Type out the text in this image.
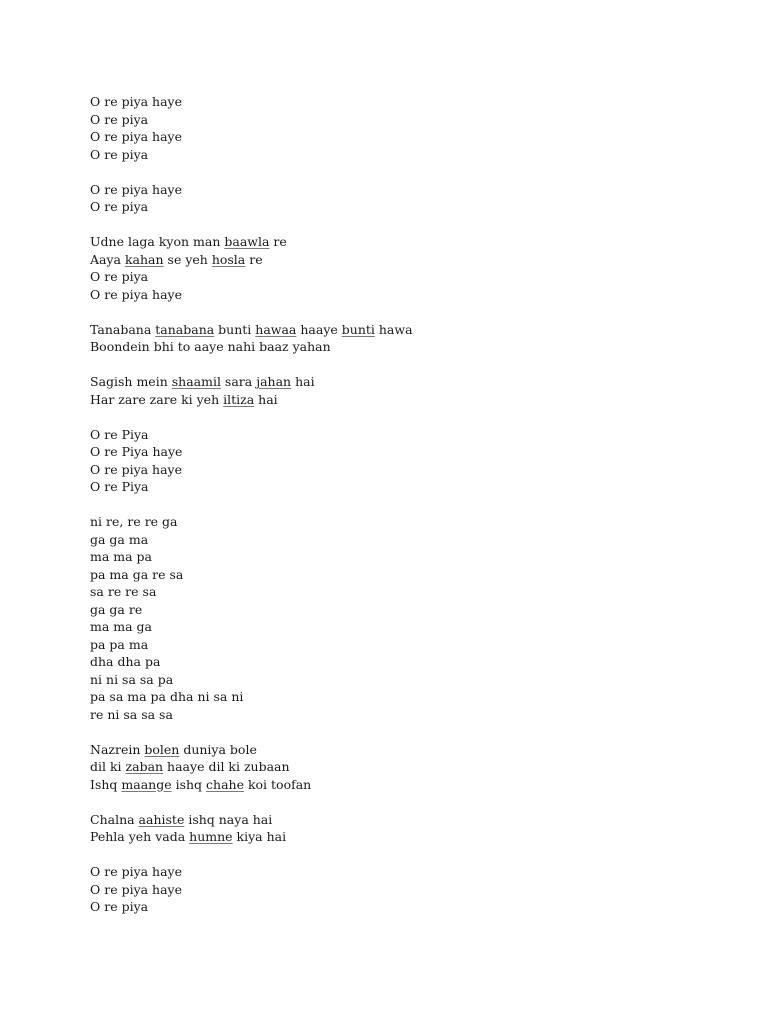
O re piya haye
O re piya
O re piya haye
O re piya
O re piya haye
O re piya
Udne laga kyon man baawla re
Aaya kahan se yeh hosla re
O re piya
O re piya haye
Tanabana tanabana bunti hawaa haaye bunti hawa
Boondein bhi to aaye nahi baaz yahan
Sagish mein shaamil sara jahan hai
Har zare zare ki yeh iltiza hai
O re Piya
O re Piya haye
O re piya haye
O re Piya
ni re, re re ga
ga ga ma
ma ma pa
pa ma ga re sa
sa re re sa
ga ga re
ma ma ga
pa pa ma
dha dha pa
ni ni sa sa pa
pa sa ma pa dha ni sa ni
re ni sa sa sa
Nazrein bolen duniya bole
dil ki zaban haaye dil ki zubaan
Ishq maange ishq chahe koi toofan
Chalna aahiste ishq naya hai
Pehla yeh vada humne kiya hai
O re piya haye
O re piya haye
O re piya
